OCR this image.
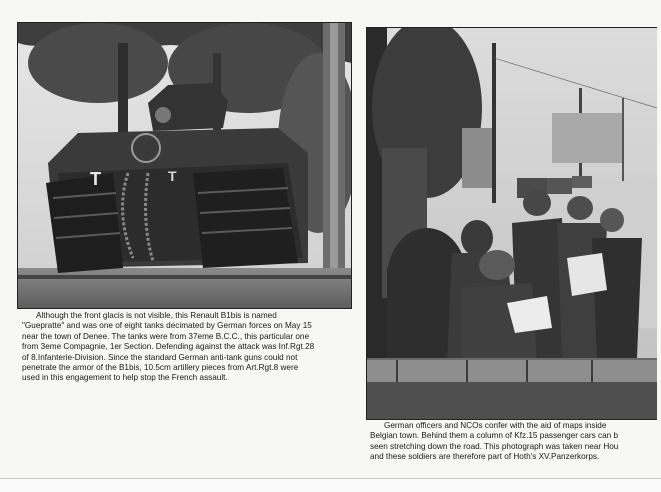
T	T
Although the front glacis is not visible, this Renault B1bis is named
"Guepratte" and was one of eight tanks decimated by German forces on May 15
near the town of Denee. The tanks were from 37eme B.C.C., this particular one
from 3eme Compagnie, 1er Section. Defending against the attack was Inf.Rgt.28
of 8.Infanterie-Division. Since the standard German anti-tank guns could not
penetrate the armor of the B1bis, 10.5cm artillery pieces from Art.Rgt.8 were
used in this engagement to help stop the French assault.
German officers and NCOs confer with the aid of maps inside
Belgian town. Behind them a column of Kfz.15 passenger cars can b
seen stretching down the road. This photograph was taken near Hou
and these soldiers are therefore part of Hoth's XV.Panzerkorps.
